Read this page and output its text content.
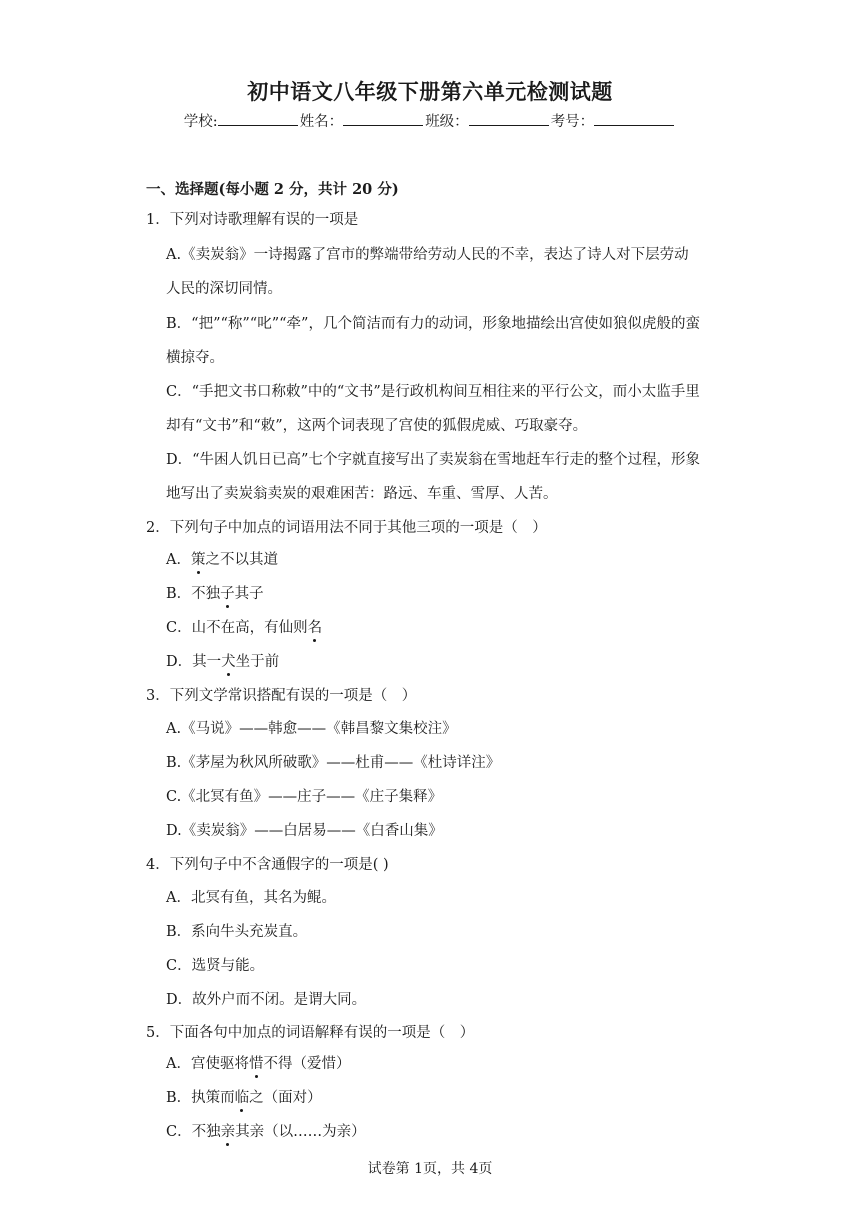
初中语文八年级下册第六单元检测试题
学校:	姓名：	班级：	考号：
一、选择题(每小题 2 分，共计 20 分)
1．下列对诗歌理解有误的一项是
A.《卖炭翁》一诗揭露了宫市的弊端带给劳动人民的不幸，表达了诗人对下层劳动
人民的深切同情。
B．“把”“称”“叱”“牵”，几个简洁而有力的动词，形象地描绘出宫使如狼似虎般的蛮
横掠夺。
C．“手把文书口称敕”中的“文书”是行政机构间互相往来的平行公文，而小太监手里
却有“文书”和“敕”，这两个词表现了宫使的狐假虎威、巧取豪夺。
D．“牛困人饥日已高”七个字就直接写出了卖炭翁在雪地赶车行走的整个过程，形象
地写出了卖炭翁卖炭的艰难困苦：路远、车重、雪厚、人苦。
2．下列句子中加点的词语用法不同于其他三项的一项是（　）
A．策之不以其道
B．不独子其子
C．山不在高，有仙则名
D．其一犬坐于前
3．下列文学常识搭配有误的一项是（　）
A.《马说》——韩愈——《韩昌黎文集校注》
B.《茅屋为秋风所破歌》——杜甫——《杜诗详注》
C.《北冥有鱼》——庄子——《庄子集释》
D.《卖炭翁》——白居易——《白香山集》
4．下列句子中不含通假字的一项是( )
A．北冥有鱼，其名为鲲。
B．系向牛头充炭直。
C．选贤与能。
D．故外户而不闭。是谓大同。
5．下面各句中加点的词语解释有误的一项是（　）
A．宫使驱将惜不得（爱惜）
B．执策而临之（面对）
C．不独亲其亲（以……为亲）
试卷第 1页，共 4页
